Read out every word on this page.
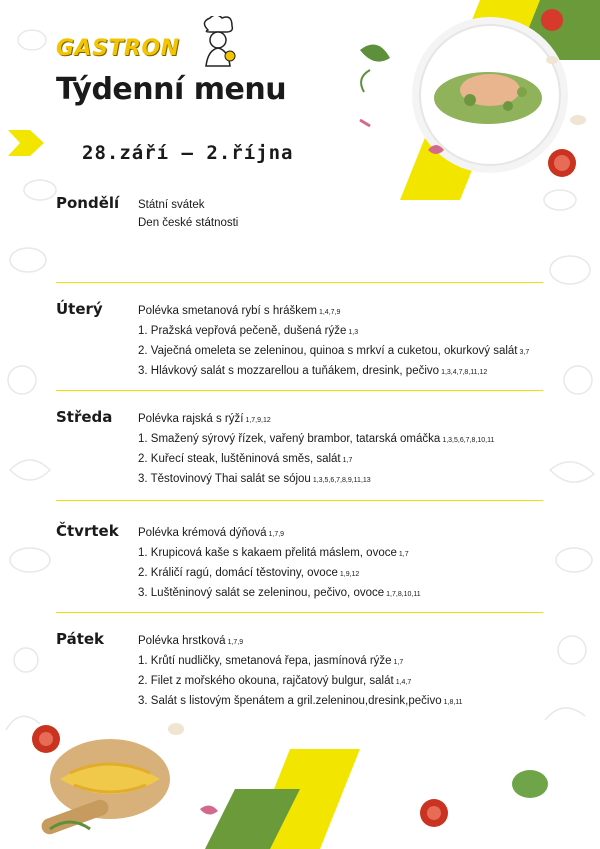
GASTRON
Týdenní menu
28.září – 2.října
Pondělí Státní svátek
Den české státnosti
Úterý	Polévka smetanová rybí s hráškem 1,4,7,9
1. Pražská vepřová pečeně, dušená rýže 1,3
2. Vaječná omeleta se zeleninou, quinoa s mrkví a cuketou, okurkový salát 3,7
3. Hlávkový salát s mozzarellou a tuňákem, dresink, pečivo 1,3,4,7,8,11,12
Středa Polévka rajská s rýží 1,7,9,12
1. Smažený sýrový řízek, vařený brambor, tatarská omáčka 1,3,5,6,7,8,10,11
2. Kuřecí steak, luštěninová směs, salát 1,7
3. Těstovinový Thai salát se sójou 1,3,5,6,7,8,9,11,13
Čtvrtek Polévka krémová dýňová 1,7,9
1. Krupicová kaše s kakaem přelitá máslem, ovoce 1,7
2. Králičí ragú, domácí těstoviny, ovoce 1,9,12
3. Luštěninový salát se zeleninou, pečivo, ovoce 1,7,8,10,11
Pátek	Polévka hrstková 1,7,9
1. Krůtí nudličky, smetanová řepa, jasmínová rýže 1,7
2. Filet z mořského okouna, rajčatový bulgur, salát 1,4,7
3. Salát s listovým špenátem a gril.zeleninou,dresink,pečivo 1,8,11
